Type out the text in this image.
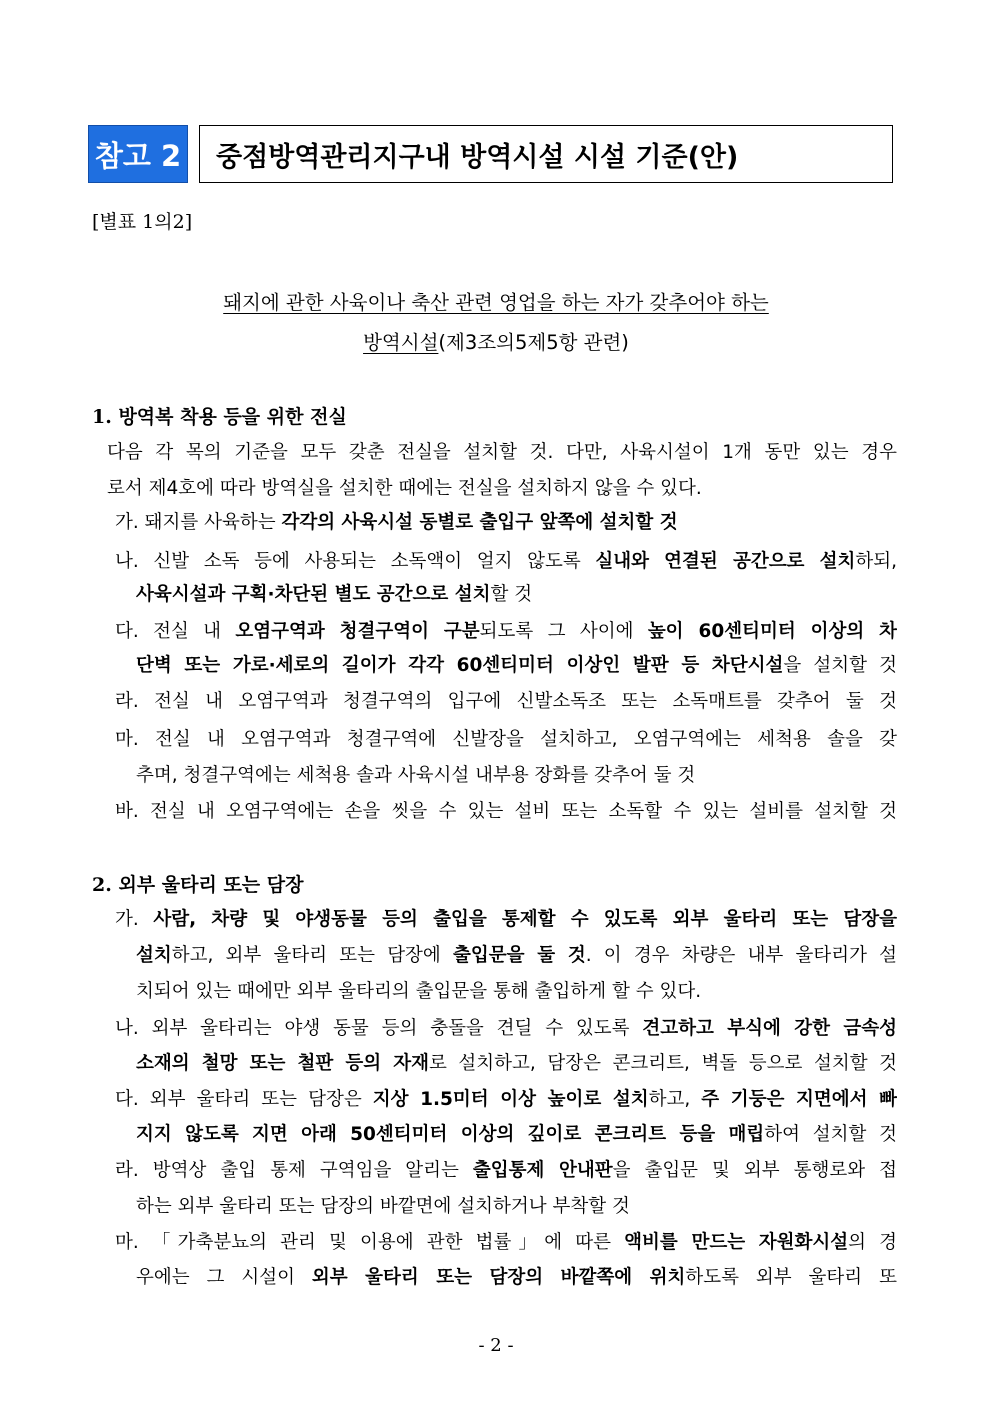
참고 2	중점방역관리지구내 방역시설 시설 기준(안)
[별표 1의2]
돼지에 관한 사육이나 축산 관련 영업을 하는 자가 갖추어야 하는
방역시설(제3조의5제5항 관련)
1. 방역복 착용 등을 위한 전실
다음 각 목의 기준을 모두 갖춘 전실을 설치할 것. 다만, 사육시설이 1개 동만 있는 경우
로서 제4호에 따라 방역실을 설치한 때에는 전실을 설치하지 않을 수 있다.
가. 돼지를 사육하는 각각의 사육시설 동별로 출입구 앞쪽에 설치할 것
나. 신발 소독 등에 사용되는 소독액이 얼지 않도록 실내와 연결된 공간으로 설치하되,
사육시설과 구획·차단된 별도 공간으로 설치할 것
다. 전실 내 오염구역과 청결구역이 구분되도록 그 사이에 높이 60센티미터 이상의 차
단벽 또는 가로·세로의 길이가 각각 60센티미터 이상인 발판 등 차단시설을 설치할 것
라. 전실 내 오염구역과 청결구역의 입구에 신발소독조 또는 소독매트를 갖추어 둘 것
마. 전실 내 오염구역과 청결구역에 신발장을 설치하고, 오염구역에는 세척용 솔을 갖
추며, 청결구역에는 세척용 솔과 사육시설 내부용 장화를 갖추어 둘 것
바. 전실 내 오염구역에는 손을 씻을 수 있는 설비 또는 소독할 수 있는 설비를 설치할 것
2. 외부 울타리 또는 담장
가. 사람, 차량 및 야생동물 등의 출입을 통제할 수 있도록 외부 울타리 또는 담장을
설치하고, 외부 울타리 또는 담장에 출입문을 둘 것. 이 경우 차량은 내부 울타리가 설
치되어 있는 때에만 외부 울타리의 출입문을 통해 출입하게 할 수 있다.
나. 외부 울타리는 야생 동물 등의 충돌을 견딜 수 있도록 견고하고 부식에 강한 금속성
소재의 철망 또는 철판 등의 자재로 설치하고, 담장은 콘크리트, 벽돌 등으로 설치할 것
다. 외부 울타리 또는 담장은 지상 1.5미터 이상 높이로 설치하고, 주 기둥은 지면에서 빠
지지 않도록 지면 아래 50센티미터 이상의 깊이로 콘크리트 등을 매립하여 설치할 것
라. 방역상 출입 통제 구역임을 알리는 출입통제 안내판을 출입문 및 외부 통행로와 접
하는 외부 울타리 또는 담장의 바깥면에 설치하거나 부착할 것
마. 「가축분뇨의 관리 및 이용에 관한 법률」에 따른 액비를 만드는 자원화시설의 경
우에는 그 시설이 외부 울타리 또는 담장의 바깥쪽에 위치하도록 외부 울타리 또
- 2 -
